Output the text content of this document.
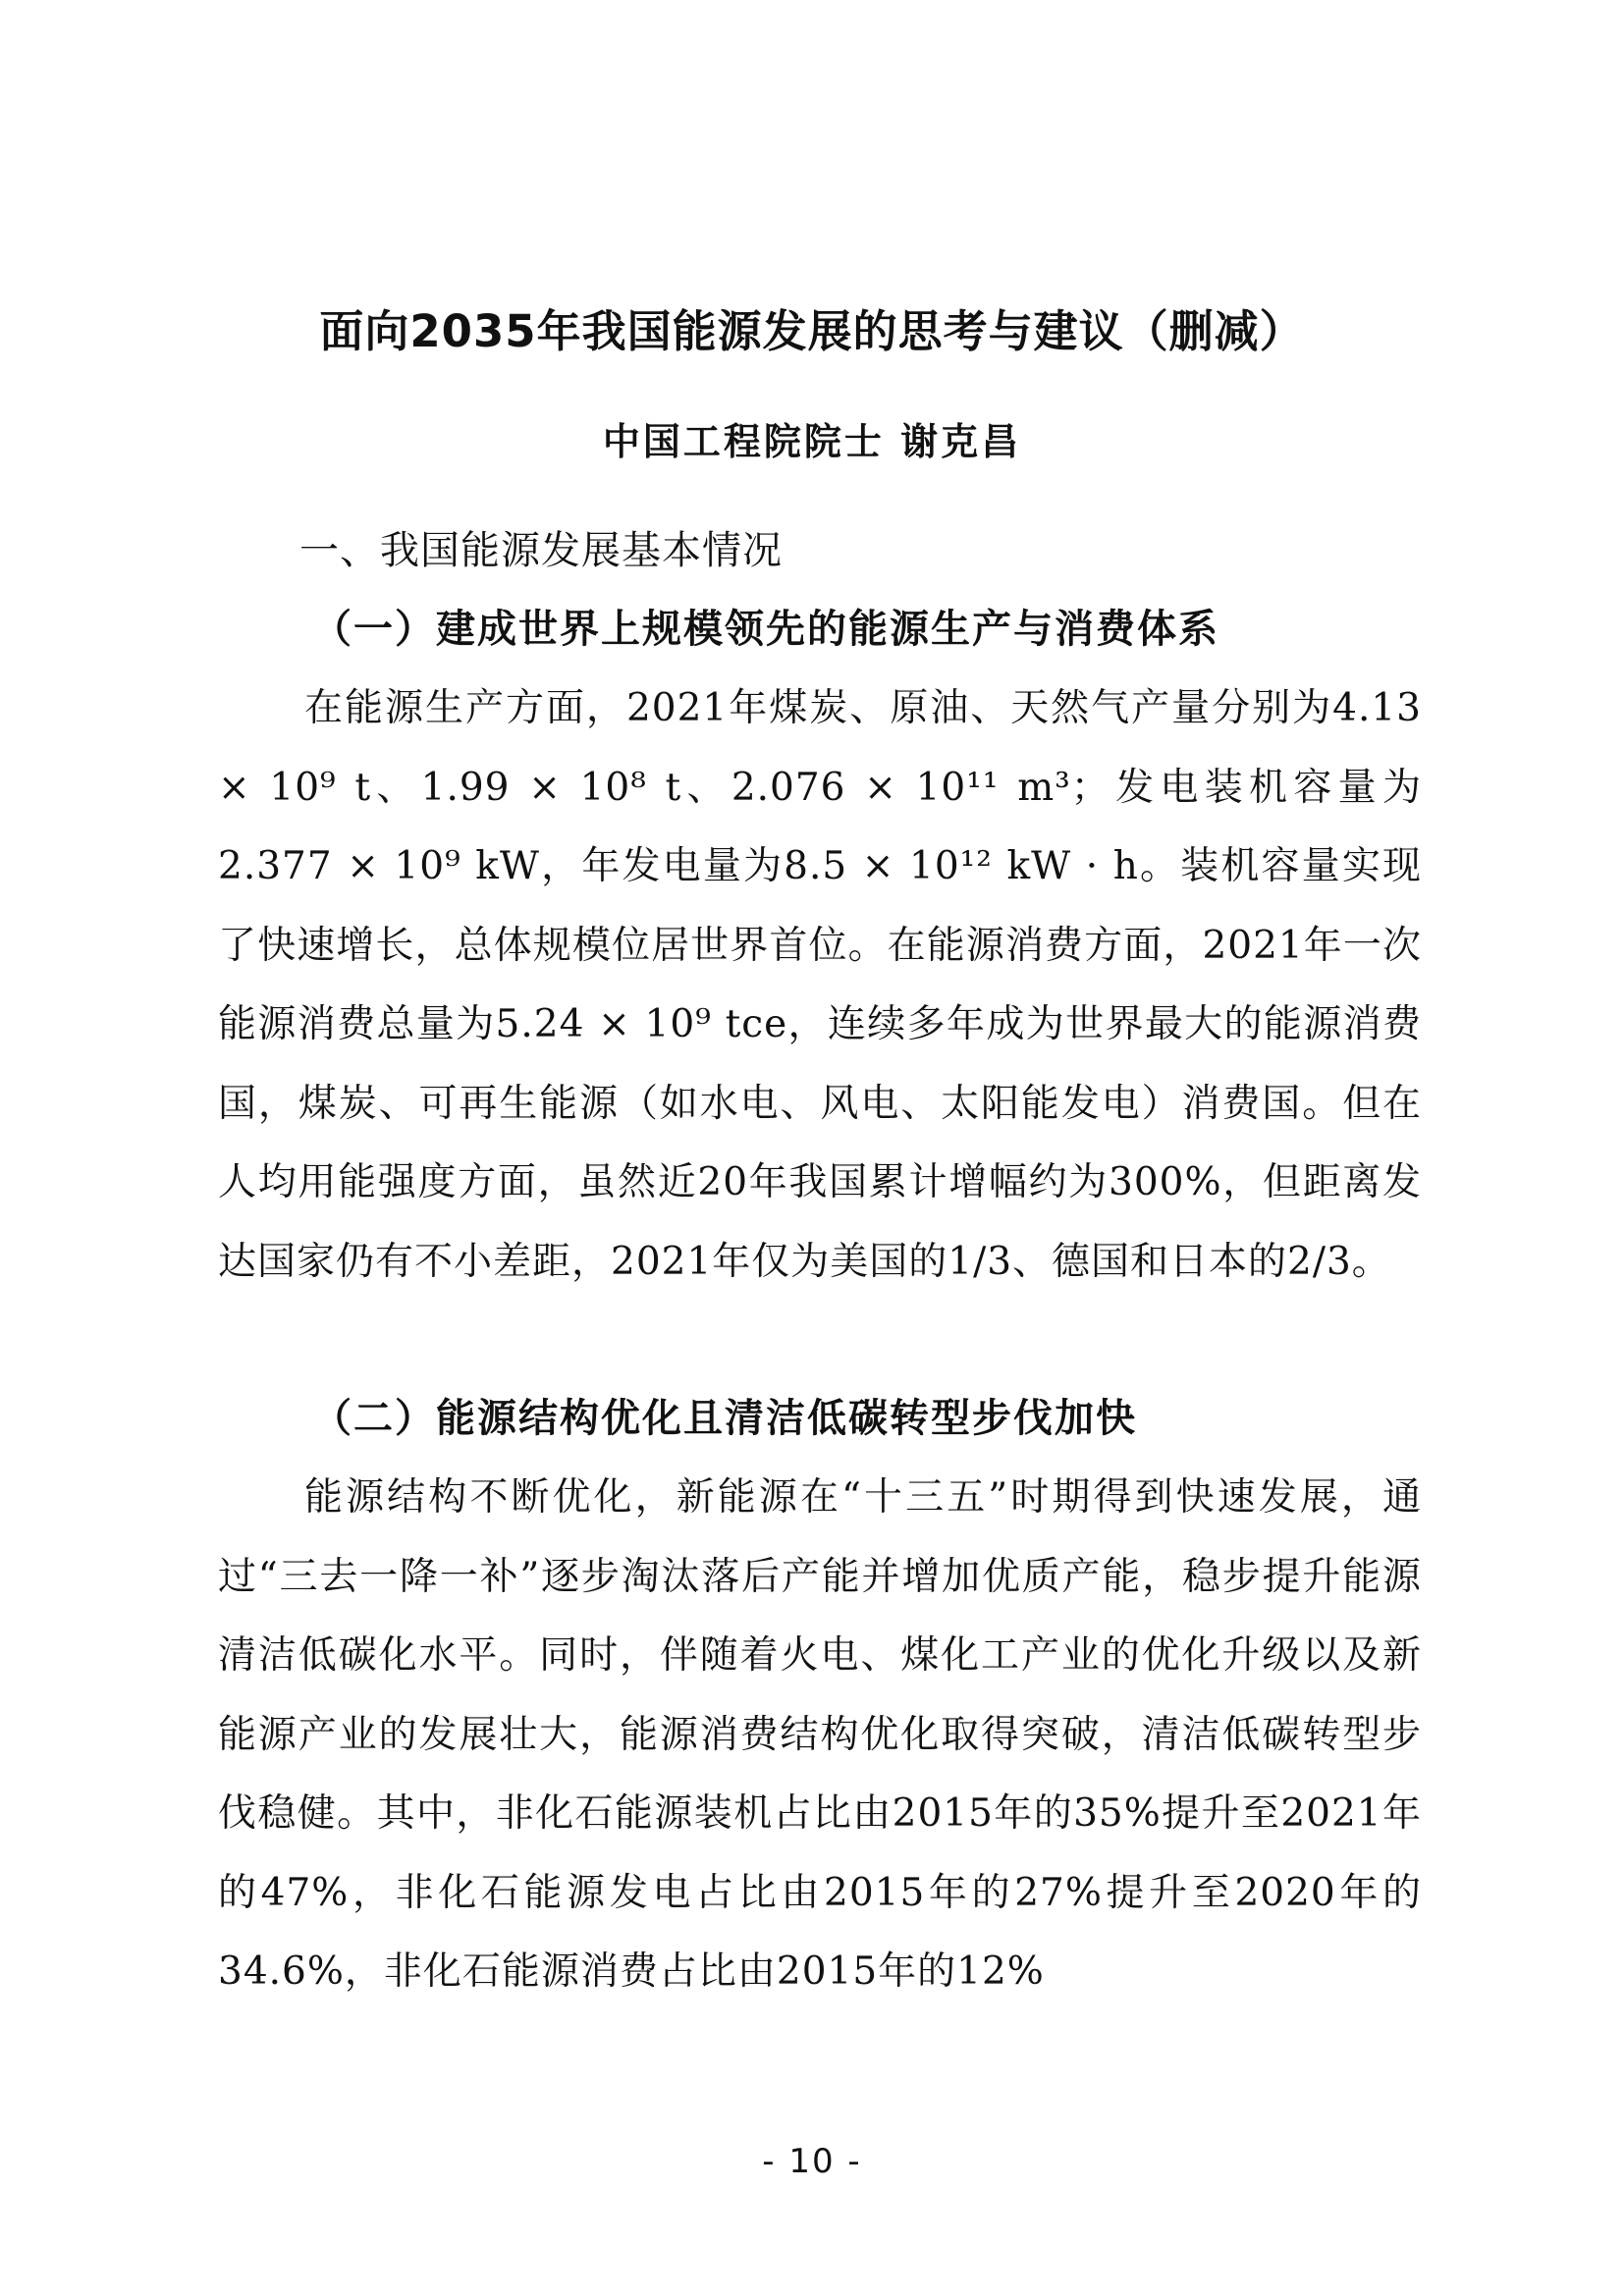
面向2035年我国能源发展的思考与建议（删减）
中国工程院院士 谢克昌
一、我国能源发展基本情况
（一）建成世界上规模领先的能源生产与消费体系

在能源生产方面，2021年煤炭、原油、天然气产量分别为4.13 × 10⁹ t、1.99 × 10⁸ t、2.076 × 10¹¹ m³；发电装机容量为2.377 × 10⁹ kW，年发电量为8.5 × 10¹² kW · h。装机容量实现了快速增长，总体规模位居世界首位。在能源消费方面，2021年一次能源消费总量为5.24 × 10⁹ tce，连续多年成为世界最大的能源消费国，煤炭、可再生能源（如水电、风电、太阳能发电）消费国。但在人均用能强度方面，虽然近20年我国累计增幅约为300%，但距离发达国家仍有不小差距，2021年仅为美国的1/3、德国和日本的2/3。

（二）能源结构优化且清洁低碳转型步伐加快

能源结构不断优化，新能源在“十三五”时期得到快速发展，通过“三去一降一补”逐步淘汰落后产能并增加优质产能，稳步提升能源清洁低碳化水平。同时，伴随着火电、煤化工产业的优化升级以及新能源产业的发展壮大，能源消费结构优化取得突破，清洁低碳转型步伐稳健。其中，非化石能源装机占比由2015年的35%提升至2021年的47%，非化石能源发电占比由2015年的27%提升至2020年的34.6%，非化石能源消费占比由2015年的12%

- 10 -
